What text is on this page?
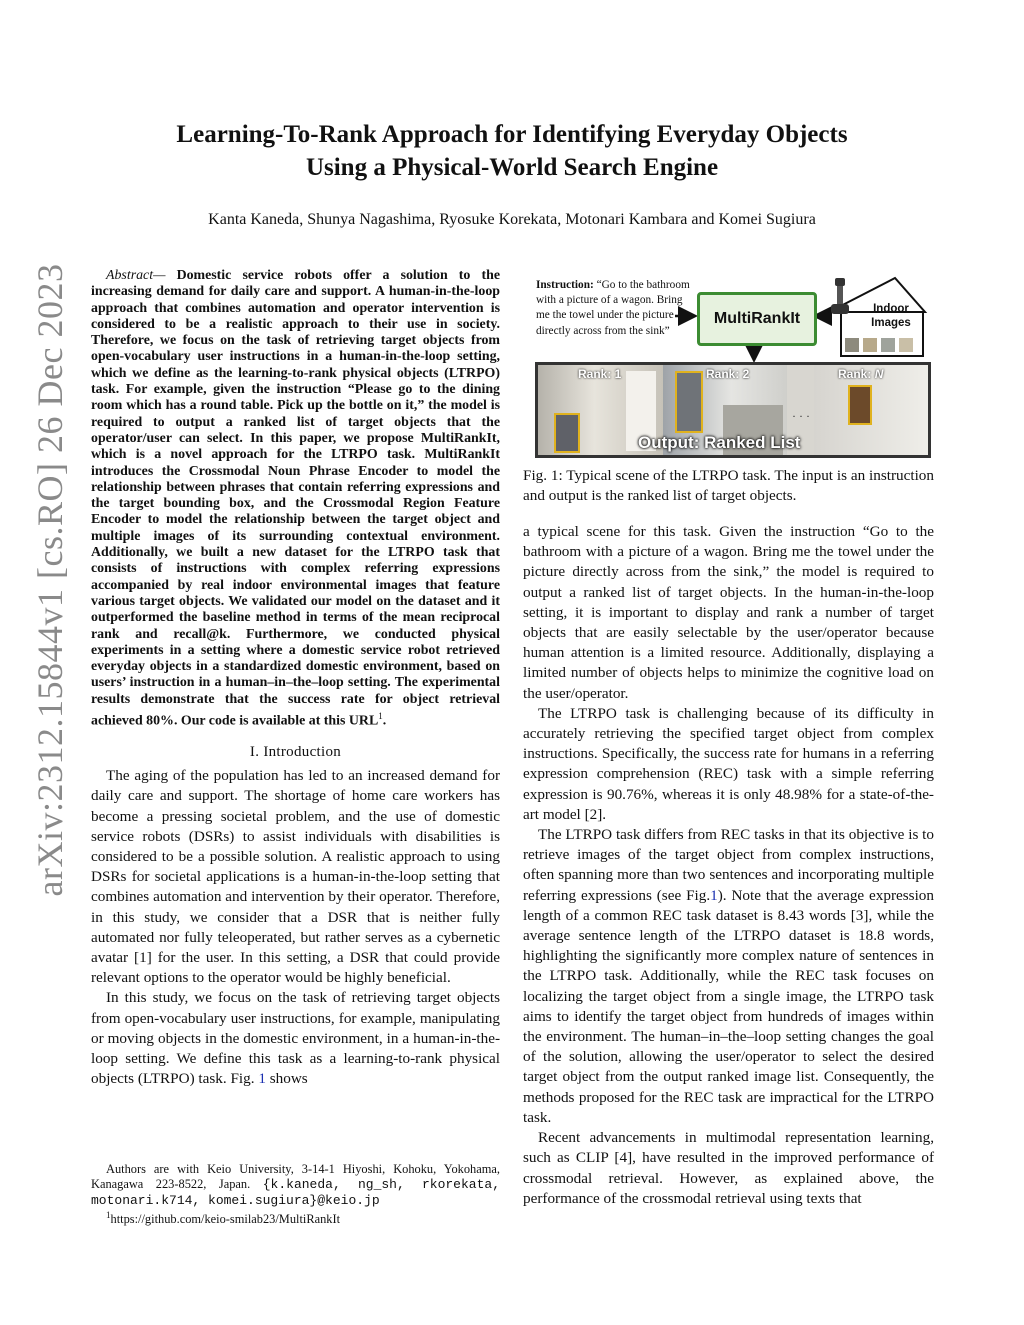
arXiv:2312.15844v1 [cs.RO] 26 Dec 2023
Learning-To-Rank Approach for Identifying Everyday Objects
Using a Physical-World Search Engine
Kanta Kaneda, Shunya Nagashima, Ryosuke Korekata, Motonari Kambara and Komei Sugiura

Abstract— Domestic service robots offer a solution to the increasing demand for daily care and support. A human-in-the-loop approach that combines automation and operator intervention is considered to be a realistic approach to their use in society. Therefore, we focus on the task of retrieving target objects from open-vocabulary user instructions in a human-in-the-loop setting, which we define as the learning-to-rank physical objects (LTRPO) task. For example, given the instruction “Please go to the dining room which has a round table. Pick up the bottle on it,” the model is required to output a ranked list of target objects that the operator/user can select. In this paper, we propose MultiRankIt, which is a novel approach for the LTRPO task. MultiRankIt introduces the Crossmodal Noun Phrase Encoder to model the relationship between phrases that contain referring expressions and the target bounding box, and the Crossmodal Region Feature Encoder to model the relationship between the target object and multiple images of its surrounding contextual environment. Additionally, we built a new dataset for the LTRPO task that consists of instructions with complex referring expressions accompanied by real indoor environmental images that feature various target objects. We validated our model on the dataset and it outperformed the baseline method in terms of the mean reciprocal rank and recall@k. Furthermore, we conducted physical experiments in a setting where a domestic service robot retrieved everyday objects in a standardized domestic environment, based on users’ instruction in a human–in–the–loop setting. The experimental results demonstrate that the success rate for object retrieval achieved 80%. Our code is available at this URL$^1$.

I. Introduction

The aging of the population has led to an increased demand for daily care and support. The shortage of home care workers has become a pressing societal problem, and the use of domestic service robots (DSRs) to assist individuals with disabilities is considered to be a possible solution. A realistic approach to using DSRs for societal applications is a human-in-the-loop setting that combines automation and intervention by their operator. Therefore, in this study, we consider that a DSR that is neither fully automated nor fully teleoperated, but rather serves as a cybernetic avatar [1] for the user. In this setting, a DSR that could provide relevant options to the operator would be highly beneficial.

In this study, we focus on the task of retrieving target objects from open-vocabulary user instructions, for example, manipulating or moving objects in the domestic environment, in a human-in-the-loop setting. We define this task as a learning-to-rank physical objects (LTRPO) task. Fig. 1 shows

Authors are with Keio University, 3-14-1 Hiyoshi, Kohoku, Yokohama, Kanagawa 223-8522, Japan. {k.kaneda, ng_sh, rkorekata, motonari.k714, komei.sugiura}@keio.jp

$^1$https://github.com/keio-smilab23/MultiRankIt

Instruction: “Go to the bathroom with a picture of a wagon. Bring me the towel under the picture directly across from the sink”
MultiRankIt
Indoor Images
Rank: 1	Rank: 2	Rank: N
· · ·
Output: Ranked List
Fig. 1: Typical scene of the LTRPO task. The input is an instruction and output is the ranked list of target objects.

a typical scene for this task. Given the instruction “Go to the bathroom with a picture of a wagon. Bring me the towel under the picture directly across from the sink,” the model is required to output a ranked list of target objects. In the human-in-the-loop setting, it is important to display and rank a number of target objects that are easily selectable by the user/operator because human attention is a limited resource. Additionally, displaying a limited number of objects helps to minimize the cognitive load on the user/operator.

The LTRPO task is challenging because of its difficulty in accurately retrieving the specified target object from complex instructions. Specifically, the success rate for humans in a referring expression comprehension (REC) task with a simple referring expression is 90.76%, whereas it is only 48.98% for a state-of-the-art model [2].

The LTRPO task differs from REC tasks in that its objective is to retrieve images of the target object from complex instructions, often spanning more than two sentences and incorporating multiple referring expressions (see Fig.1). Note that the average expression length of a common REC task dataset is 8.43 words [3], while the average sentence length of the LTRPO dataset is 18.8 words, highlighting the significantly more complex nature of sentences in the LTRPO task. Additionally, while the REC task focuses on localizing the target object from a single image, the LTRPO task aims to identify the target object from hundreds of images within the environment. The human–in–the–loop setting changes the goal of the solution, allowing the user/operator to select the desired target object from the output ranked image list. Consequently, the methods proposed for the REC task are impractical for the LTRPO task.

Recent advancements in multimodal representation learning, such as CLIP [4], have resulted in the improved performance of crossmodal retrieval. However, as explained above, the performance of the crossmodal retrieval using texts that
